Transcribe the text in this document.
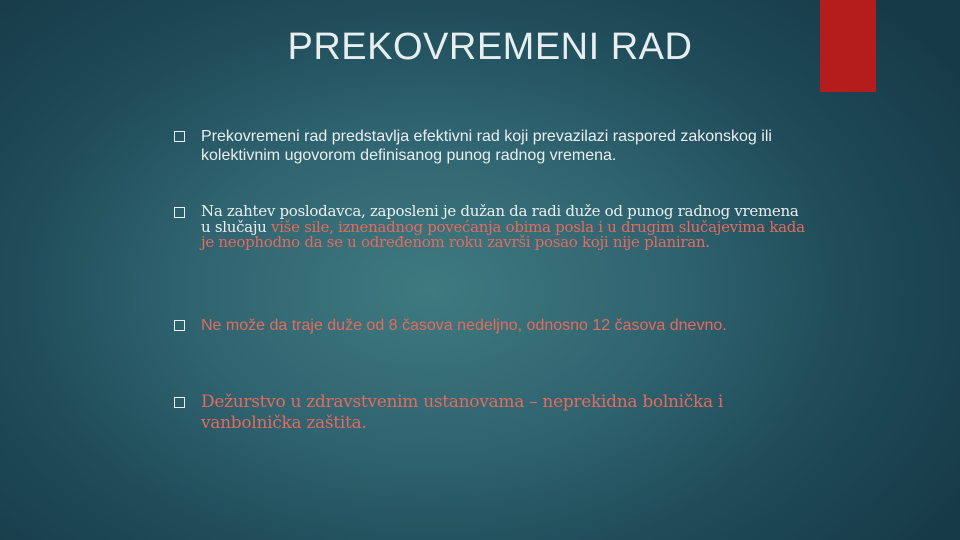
PREKOVREMENI RAD
Prekovremeni rad predstavlja efektivni rad koji prevazilazi raspored zakonskog ili kolektivnim ugovorom definisanog punog radnog vremena.
Na zahtev poslodavca, zaposleni je dužan da radi duže od punog radnog vremena u slučaju više sile, iznenadnog povećanja obima posla i u drugim slučajevima kada je neophodno da se u određenom roku završi posao koji nije planiran.
Ne može da traje duže od 8 časova nedeljno, odnosno 12 časova dnevno.
Dežurstvo u zdravstvenim ustanovama – neprekidna bolnička i vanbolnička zaštita.
